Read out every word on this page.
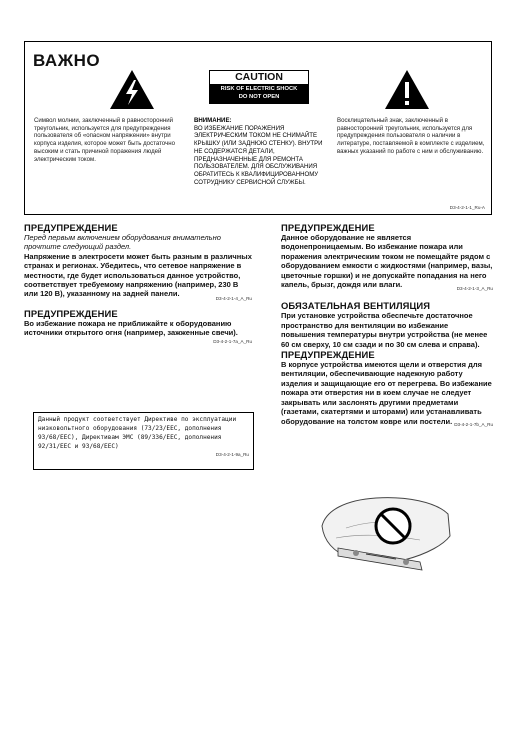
ВАЖНО
CAUTION
RISK OF ELECTRIC SHOCK
DO NOT OPEN
Символ молнии, заключенный в равносторонний треугольник, используется для предупреждения пользователя об «опасном напряжении» внутри корпуса изделия, которое может быть достаточно высоким и стать причиной поражения людей электрическим током.
ВНИМАНИЕ:
ВО ИЗБЕЖАНИЕ ПОРАЖЕНИЯ ЭЛЕКТРИЧЕСКИМ ТОКОМ НЕ СНИМАЙТЕ КРЫШКУ (ИЛИ ЗАДНЮЮ СТЕНКУ). ВНУТРИ НЕ СОДЕРЖАТСЯ ДЕТАЛИ, ПРЕДНАЗНАЧЕННЫЕ ДЛЯ РЕМОНТА ПОЛЬЗОВАТЕЛЕМ. ДЛЯ ОБСЛУЖИВАНИЯ ОБРАТИТЕСЬ К КВАЛИФИЦИРОВАННОМУ СОТРУДНИКУ СЕРВИСНОЙ СЛУЖБЫ.
Восклицательный знак, заключенный в равносторонний треугольник, используется для предупреждения пользователя о наличии в литературе, поставляемой в комплекте с изделием, важных указаний по работе с ним и обслуживанию.
D3-4-2-1-1_Ru-A
ПРЕДУПРЕЖДЕНИЕ
Перед первым включением оборудования внимательно прочтите следующий раздел.
Напряжение в электросети может быть разным в различных странах и регионах. Убедитесь, что сетевое напряжение в местности, где будет использоваться данное устройство, соответствует требуемому напряжению (например, 230 В или 120 В), указанному на задней панели.	D3-4-2-1-4_A_Ru
ПРЕДУПРЕЖДЕНИЕ
Во избежание пожара не приближайте к оборудованию источники открытого огня (например, зажженные свечи).
D3-4-2-1-7a_A_Ru
Данный продукт соответствует Директиве по эксплуатации низковольтного оборудования (73/23/EEC, дополнения 93/68/EEC), Директивам ЭМС (89/336/EEC, дополнения 92/31/EEC и 93/68/EEC)
D3-4-2-1-9a_Ru
ПРЕДУПРЕЖДЕНИЕ
Данное оборудование не является водонепроницаемым. Во избежание пожара или поражения электрическим током не помещайте рядом с оборудованием емкости с жидкостями (например, вазы, цветочные горшки) и не допускайте попадания на него капель, брызг, дождя или влаги.	D3-4-2-1-3_A_Ru
ОБЯЗАТЕЛЬНАЯ ВЕНТИЛЯЦИЯ
При установке устройства обеспечьте достаточное пространство для вентиляции во избежание повышения температуры внутри устройства (не менее 60 см сверху, 10 см сзади и по 30 см слева и справа).
ПРЕДУПРЕЖДЕНИЕ
В корпусе устройства имеются щели и отверстия для вентиляции, обеспечивающие надежную работу изделия и защищающие его от перегрева. Во избежание пожара эти отверстия ни в коем случае не следует закрывать или заслонять другими предметами (газетами, скатертями и шторами) или устанавливать оборудование на толстом ковре или постели. D3-4-2-1-7b_A_Ru
